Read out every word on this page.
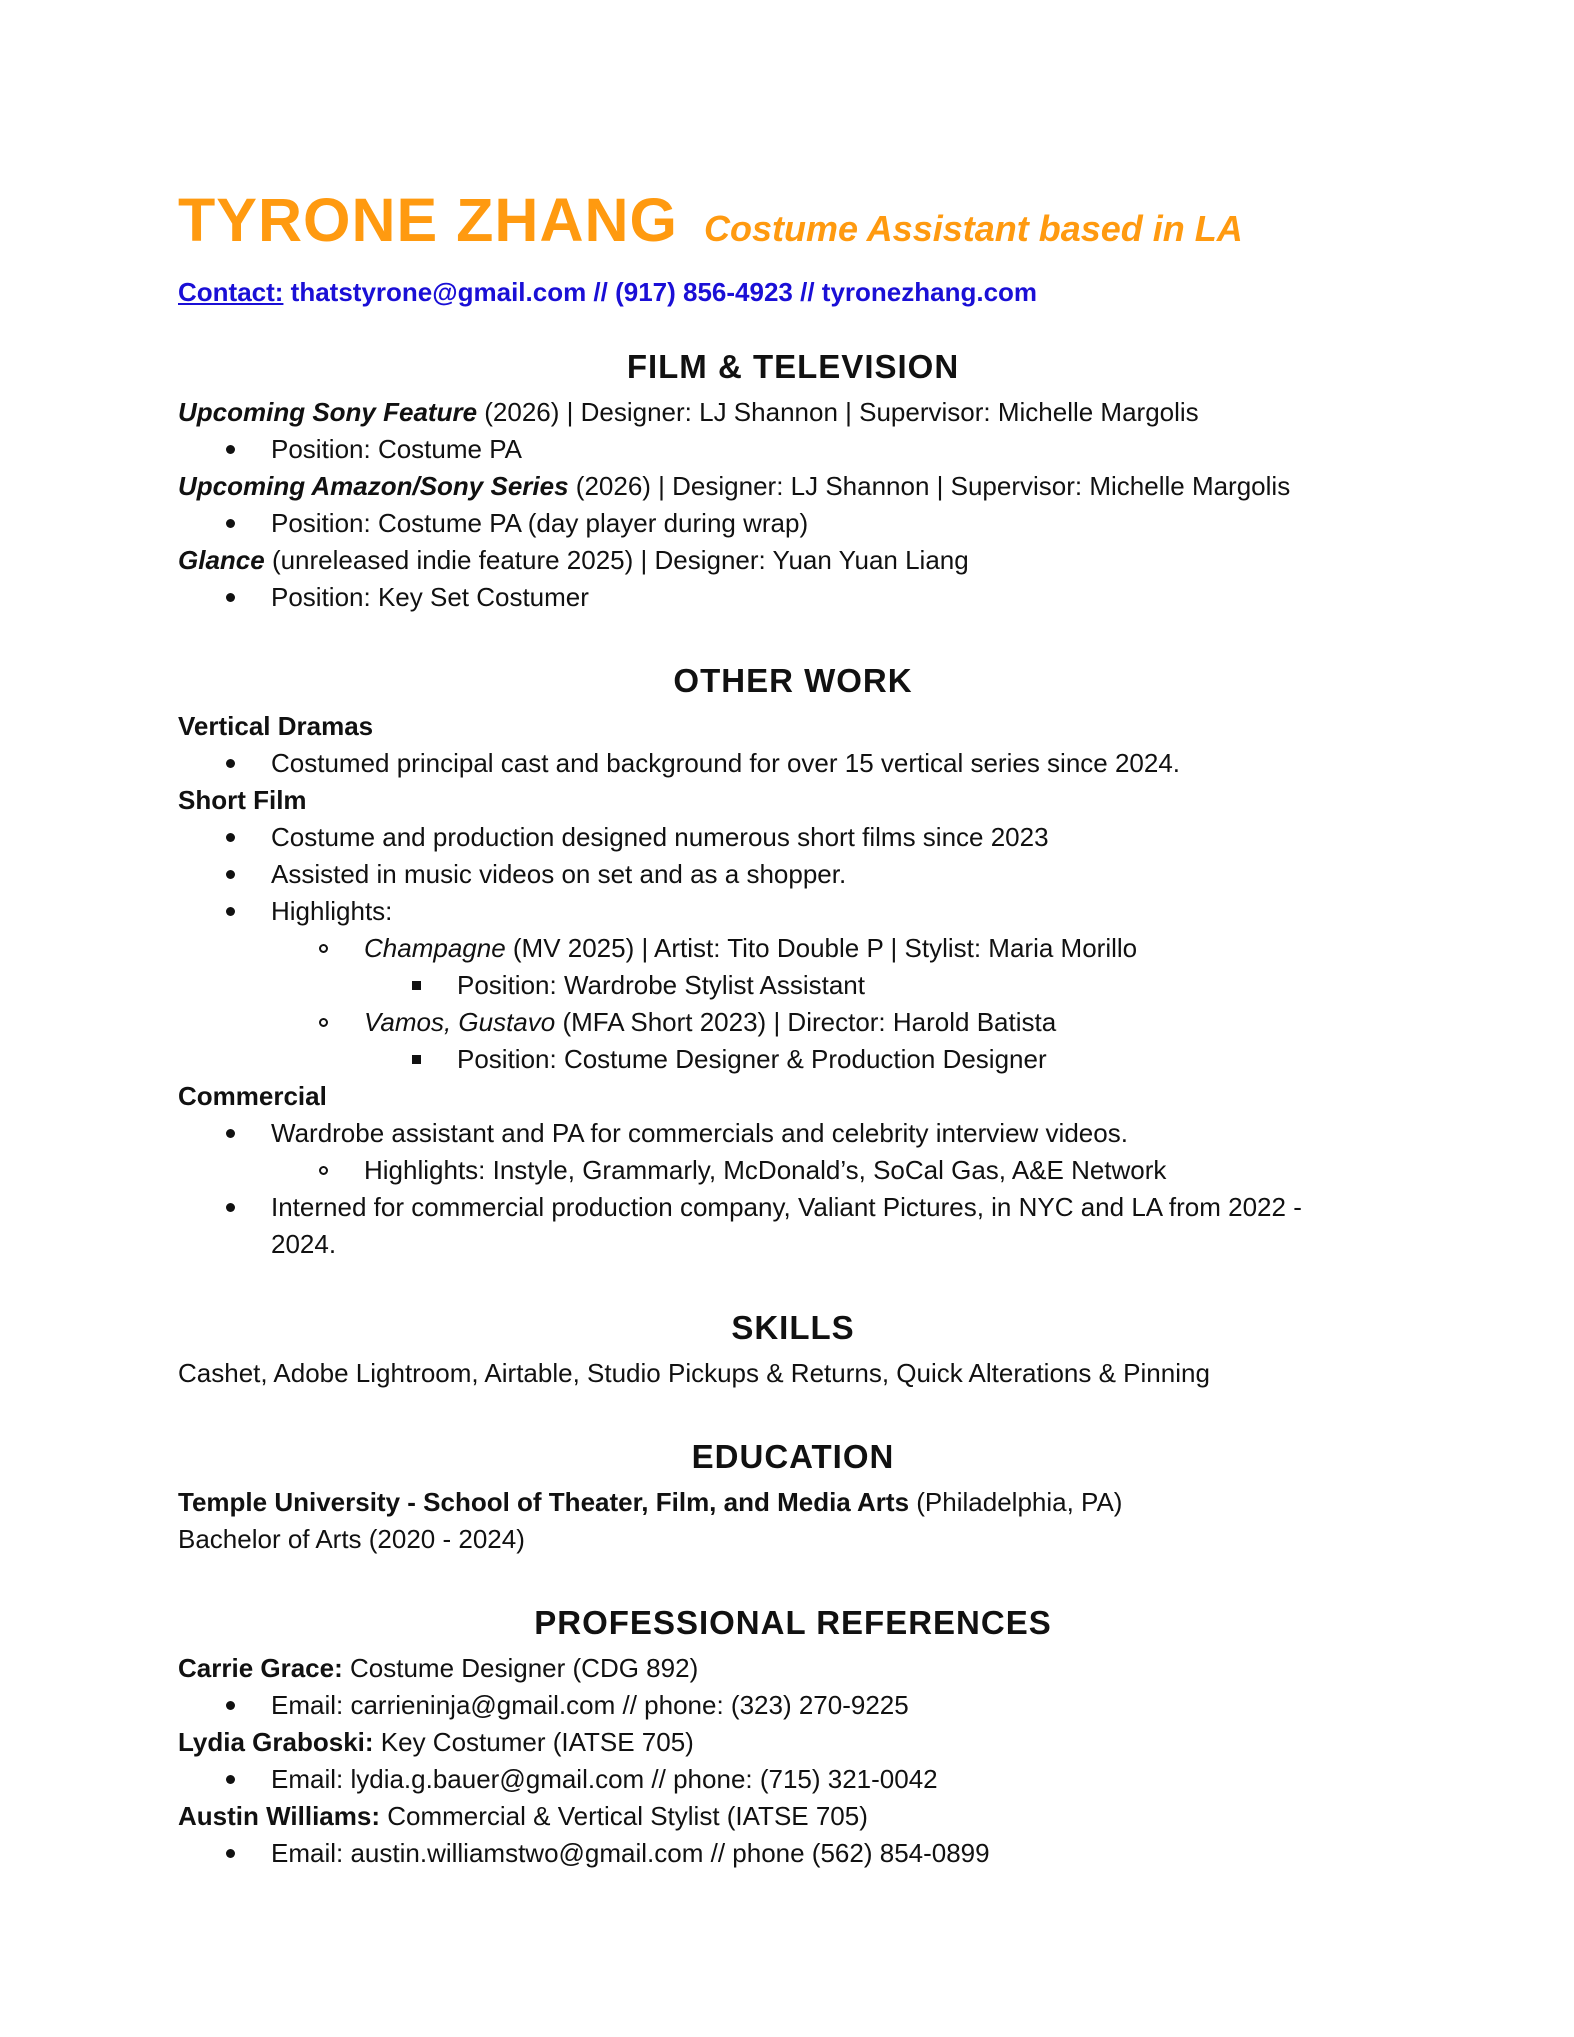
TYRONE ZHANG Costume Assistant based in LA
Contact: thatstyrone@gmail.com // (917) 856-4923 // tyronezhang.com
FILM & TELEVISION
Upcoming Sony Feature (2026) | Designer: LJ Shannon | Supervisor: Michelle Margolis
Position: Costume PA
Upcoming Amazon/Sony Series (2026) | Designer: LJ Shannon | Supervisor: Michelle Margolis
Position: Costume PA (day player during wrap)
Glance (unreleased indie feature 2025) | Designer: Yuan Yuan Liang
Position: Key Set Costumer
OTHER WORK
Vertical Dramas
Costumed principal cast and background for over 15 vertical series since 2024.
Short Film
Costume and production designed numerous short films since 2023
Assisted in music videos on set and as a shopper.
Highlights:
Champagne (MV 2025) | Artist: Tito Double P | Stylist: Maria Morillo
Position: Wardrobe Stylist Assistant
Vamos, Gustavo (MFA Short 2023) | Director: Harold Batista
Position: Costume Designer & Production Designer
Commercial
Wardrobe assistant and PA for commercials and celebrity interview videos.
Highlights: Instyle, Grammarly, McDonald’s, SoCal Gas, A&E Network
Interned for commercial production company, Valiant Pictures, in NYC and LA from 2022 - 2024.
SKILLS
Cashet, Adobe Lightroom, Airtable, Studio Pickups & Returns, Quick Alterations & Pinning
EDUCATION
Temple University - School of Theater, Film, and Media Arts (Philadelphia, PA)
Bachelor of Arts (2020 - 2024)
PROFESSIONAL REFERENCES
Carrie Grace: Costume Designer (CDG 892)
Email: carrieninja@gmail.com // phone: (323) 270-9225
Lydia Graboski: Key Costumer (IATSE 705)
Email: lydia.g.bauer@gmail.com // phone: (715) 321-0042
Austin Williams: Commercial & Vertical Stylist (IATSE 705)
Email: austin.williamstwo@gmail.com // phone (562) 854-0899
